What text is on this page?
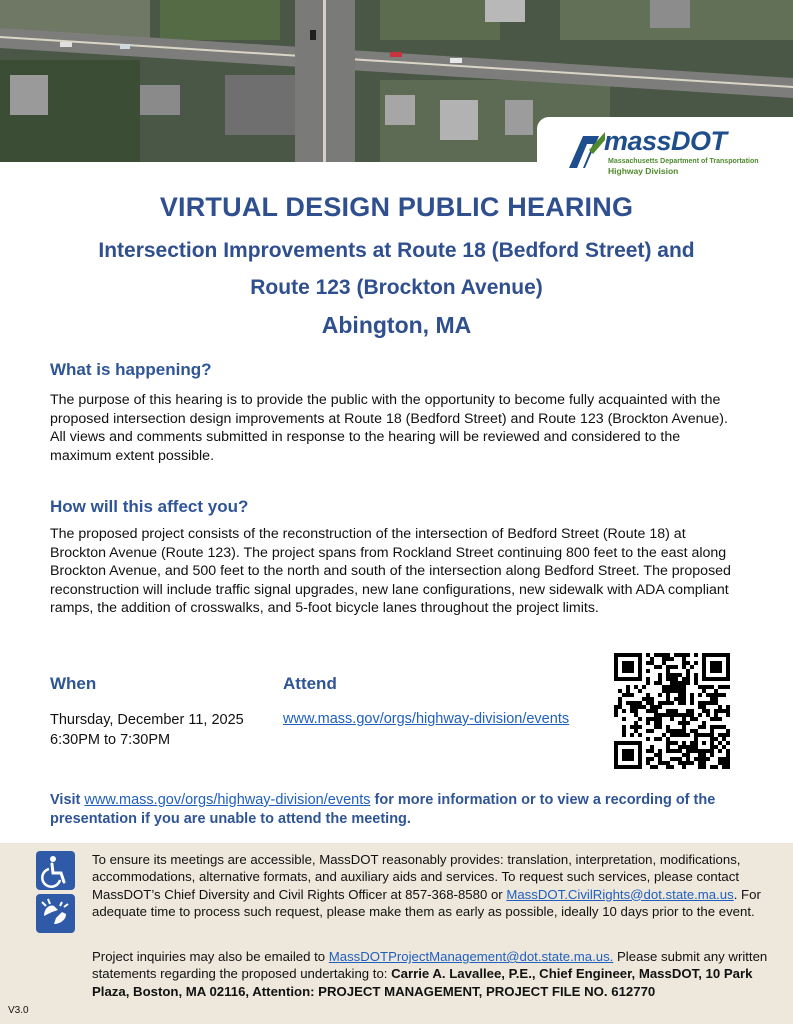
massDOT
Massachusetts Department of Transportation
Highway Division
VIRTUAL DESIGN PUBLIC HEARING

Intersection Improvements at Route 18 (Bedford Street) and

Route 123 (Brockton Avenue)

Abington, MA

What is happening?

The purpose of this hearing is to provide the public with the opportunity to become fully acquainted with the proposed intersection design improvements at Route 18 (Bedford Street) and Route 123 (Brockton Avenue). All views and comments submitted in response to the hearing will be reviewed and considered to the maximum extent possible.

How will this affect you?

The proposed project consists of the reconstruction of the intersection of Bedford Street (Route 18) at Brockton Avenue (Route 123). The project spans from Rockland Street continuing 800 feet to the east along Brockton Avenue, and 500 feet to the north and south of the intersection along Bedford Street. The proposed reconstruction will include traffic signal upgrades, new lane configurations, new sidewalk with ADA compliant ramps, the addition of crosswalks, and 5-foot bicycle lanes throughout the project limits.

When
Thursday, December 11, 2025
6:30PM to 7:30PM
Attend
www.mass.gov/orgs/highway-division/events
Visit www.mass.gov/orgs/highway-division/events for more information or to view a recording of the presentation if you are unable to attend the meeting.

To ensure its meetings are accessible, MassDOT reasonably provides: translation, interpretation, modifications, accommodations, alternative formats, and auxiliary aids and services. To request such services, please contact MassDOT’s Chief Diversity and Civil Rights Officer at 857-368-8580 or MassDOT.CivilRights@dot.state.ma.us. For adequate time to process such request, please make them as early as possible, ideally 10 days prior to the event.

Project inquiries may also be emailed to MassDOTProjectManagement@dot.state.ma.us. Please submit any written statements regarding the proposed undertaking to: Carrie A. Lavallee, P.E., Chief Engineer, MassDOT, 10 Park Plaza, Boston, MA 02116, Attention: PROJECT MANAGEMENT, PROJECT FILE NO. 612770

V3.0
